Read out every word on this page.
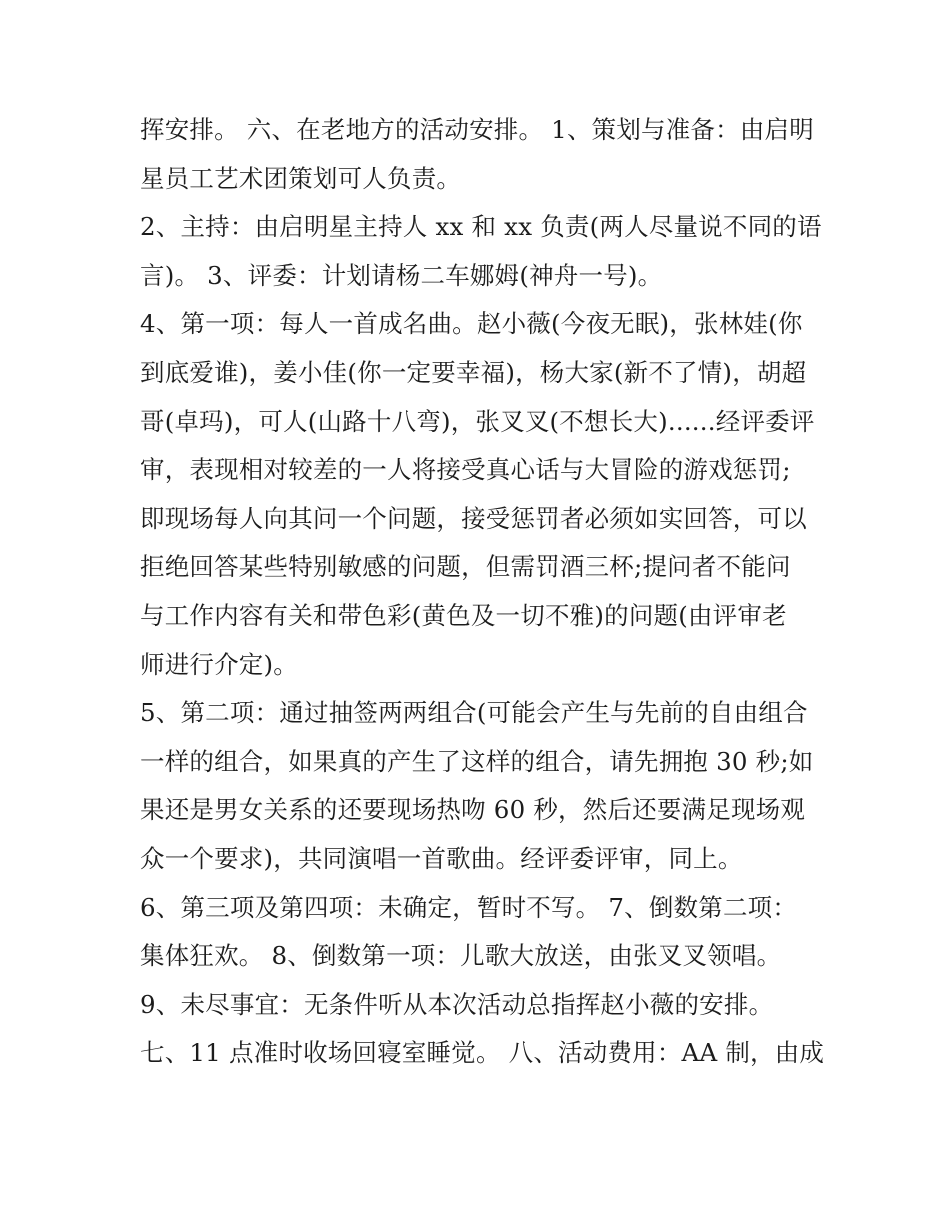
挥安排。 六、在老地方的活动安排。 1、策划与准备：由启明
星员工艺术团策划可人负责。
2、主持：由启明星主持人 xx 和 xx 负责(两人尽量说不同的语
言)。 3、评委：计划请杨二车娜姆(神舟一号)。
4、第一项：每人一首成名曲。赵小薇(今夜无眠)，张林娃(你
到底爱谁)，姜小佳(你一定要幸福)，杨大家(新不了情)，胡超
哥(卓玛)，可人(山路十八弯)，张叉叉(不想长大)......经评委评
审，表现相对较差的一人将接受真心话与大冒险的游戏惩罚;
即现场每人向其问一个问题，接受惩罚者必须如实回答，可以
拒绝回答某些特别敏感的问题，但需罚酒三杯;提问者不能问
与工作内容有关和带色彩(黄色及一切不雅)的问题(由评审老
师进行介定)。
5、第二项：通过抽签两两组合(可能会产生与先前的自由组合
一样的组合，如果真的产生了这样的组合，请先拥抱 30 秒;如
果还是男女关系的还要现场热吻 60 秒，然后还要满足现场观
众一个要求)，共同演唱一首歌曲。经评委评审，同上。
6、第三项及第四项：未确定，暂时不写。 7、倒数第二项：
集体狂欢。 8、倒数第一项：儿歌大放送，由张叉叉领唱。
9、未尽事宜：无条件听从本次活动总指挥赵小薇的安排。
七、11 点准时收场回寝室睡觉。 八、活动费用：AA 制，由成
